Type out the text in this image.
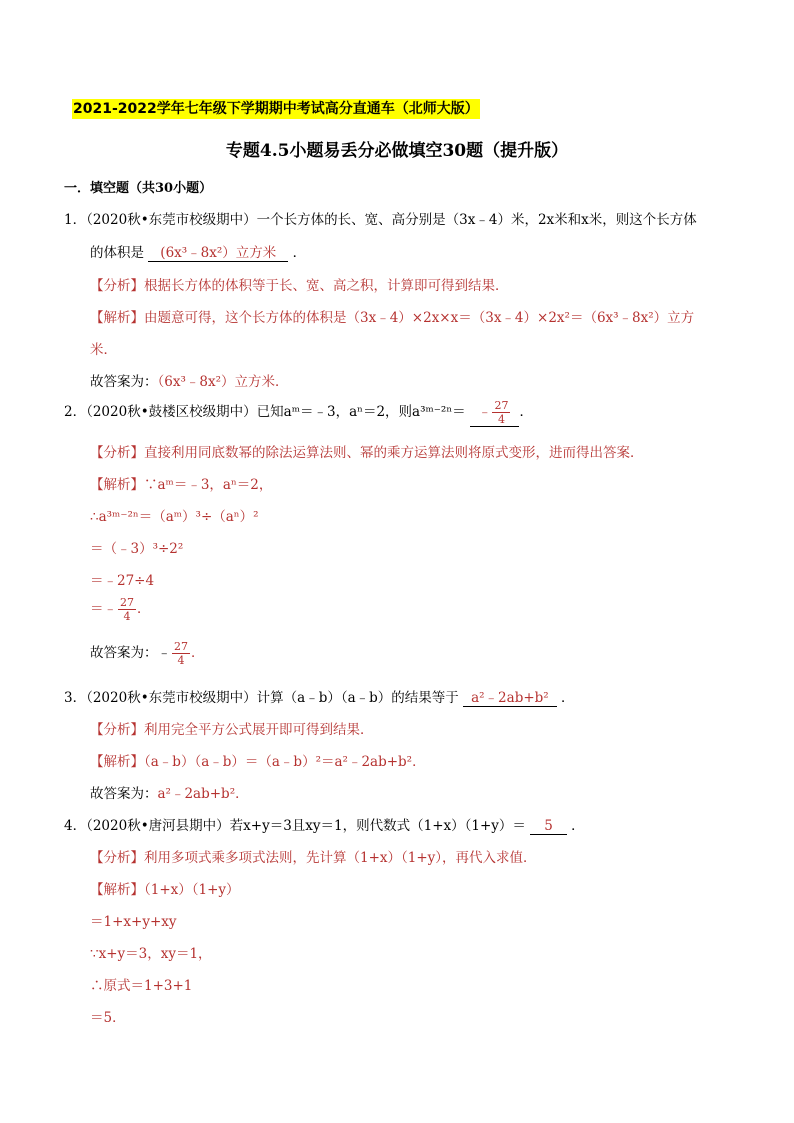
2021-2022学年七年级下学期期中考试高分直通车（北师大版）
专题4.5小题易丢分必做填空30题（提升版）
一．填空题（共30小题）
1．（2020秋•东莞市校级期中）一个长方体的长、宽、高分别是（3x﹣4）米，2x米和x米，则这个长方体
的体积是 (6x³﹣8x²）立方米 ．
【分析】根据长方体的体积等于长、宽、高之积，计算即可得到结果．
【解析】由题意可得，这个长方体的体积是（3x﹣4）×2x×x＝（3x﹣4）×2x²＝（6x³﹣8x²）立方
米．
故答案为：（6x³﹣8x²）立方米．
2．（2020秋•鼓楼区校级期中）已知aᵐ＝﹣3，aⁿ＝2，则a³ᵐ⁻²ⁿ＝ ﹣ $\frac{27}{4}$ ．
【分析】直接利用同底数幂的除法运算法则、幂的乘方运算法则将原式变形，进而得出答案．
【解析】∵aᵐ＝﹣3，aⁿ＝2，
∴a³ᵐ⁻²ⁿ＝（aᵐ）³÷（aⁿ）²
＝（﹣3）³÷2²
＝﹣27÷4
＝﹣ $\frac{27}{4}$ ．
故答案为：﹣ $\frac{27}{4}$ ．
3．（2020秋•东莞市校级期中）计算（a﹣b）（a﹣b）的结果等于 a²﹣2ab+b² ．
【分析】利用完全平方公式展开即可得到结果．
【解析】（a﹣b）（a﹣b）＝（a﹣b）²＝a²﹣2ab+b²．
故答案为：a²﹣2ab+b²．
4．（2020秋•唐河县期中）若x+y＝3且xy＝1，则代数式（1+x）（1+y）＝ 5 ．
【分析】利用多项式乘多项式法则，先计算（1+x）（1+y），再代入求值．
【解析】（1+x）（1+y）
＝1+x+y+xy
∵x+y＝3，xy＝1，
∴原式＝1+3+1
＝5．
